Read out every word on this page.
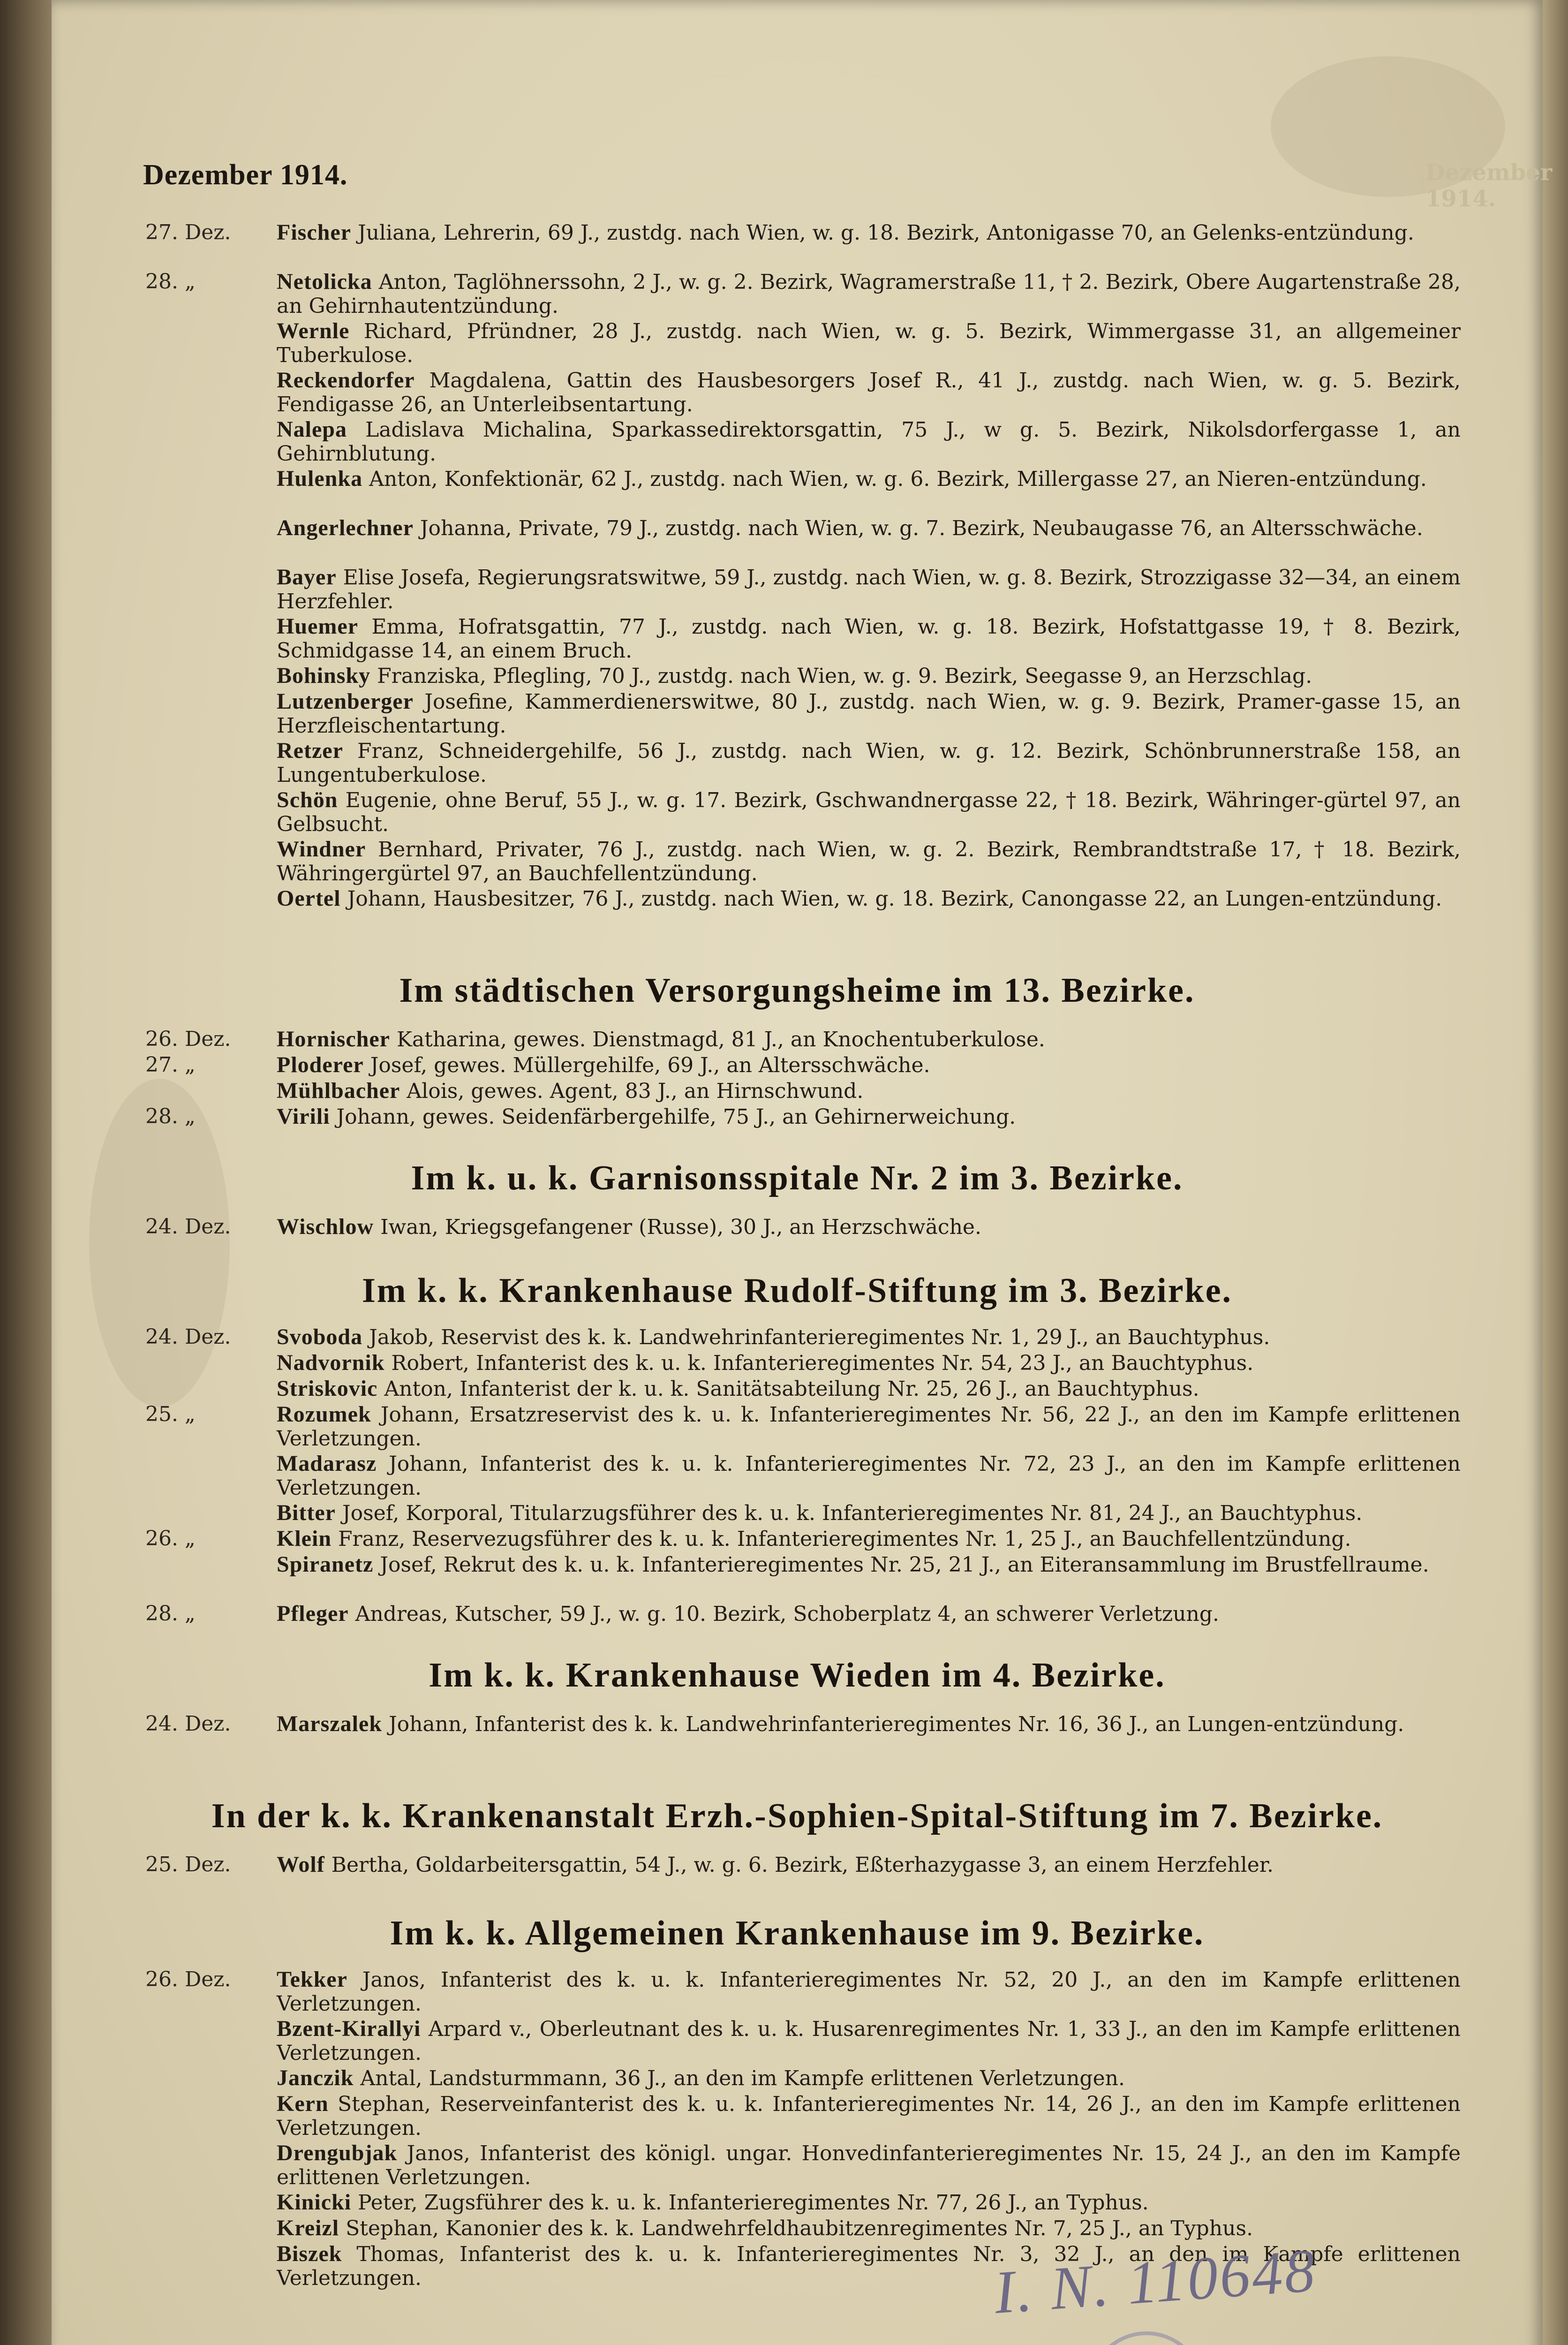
Dezember 1914.
Dezember 1914.
27. Dez.	Fischer Juliana, Lehrerin, 69 J., zustdg. nach Wien, w. g. 18. Bezirk, Antonigasse 70, an Gelenks-entzündung.
28. „	Netolicka Anton, Taglöhnerssohn, 2 J., w. g. 2. Bezirk, Wagramerstraße 11, † 2. Bezirk, Obere Augartenstraße 28, an Gehirnhautentzündung.
Wernle Richard, Pfründner, 28 J., zustdg. nach Wien, w. g. 5. Bezirk, Wimmergasse 31, an allgemeiner Tuberkulose.
Reckendorfer Magdalena, Gattin des Hausbesorgers Josef R., 41 J., zustdg. nach Wien, w. g. 5. Bezirk, Fendigasse 26, an Unterleibsentartung.
Nalepa Ladislava Michalina, Sparkassedirektorsgattin, 75 J., w g. 5. Bezirk, Nikolsdorfergasse 1, an Gehirnblutung.
Hulenka Anton, Konfektionär, 62 J., zustdg. nach Wien, w. g. 6. Bezirk, Millergasse 27, an Nieren-entzündung.
Angerlechner Johanna, Private, 79 J., zustdg. nach Wien, w. g. 7. Bezirk, Neubaugasse 76, an Altersschwäche.
Bayer Elise Josefa, Regierungsratswitwe, 59 J., zustdg. nach Wien, w. g. 8. Bezirk, Strozzigasse 32—34, an einem Herzfehler.
Huemer Emma, Hofratsgattin, 77 J., zustdg. nach Wien, w. g. 18. Bezirk, Hofstattgasse 19, † 8. Bezirk, Schmidgasse 14, an einem Bruch.
Bohinsky Franziska, Pflegling, 70 J., zustdg. nach Wien, w. g. 9. Bezirk, Seegasse 9, an Herzschlag.
Lutzenberger Josefine, Kammerdienerswitwe, 80 J., zustdg. nach Wien, w. g. 9. Bezirk, Pramer-gasse 15, an Herzfleischentartung.
Retzer Franz, Schneidergehilfe, 56 J., zustdg. nach Wien, w. g. 12. Bezirk, Schönbrunnerstraße 158, an Lungentuberkulose.
Schön Eugenie, ohne Beruf, 55 J., w. g. 17. Bezirk, Gschwandnergasse 22, † 18. Bezirk, Währinger-gürtel 97, an Gelbsucht.
Windner Bernhard, Privater, 76 J., zustdg. nach Wien, w. g. 2. Bezirk, Rembrandtstraße 17, † 18. Bezirk, Währingergürtel 97, an Bauchfellentzündung.
Oertel Johann, Hausbesitzer, 76 J., zustdg. nach Wien, w. g. 18. Bezirk, Canongasse 22, an Lungen-entzündung.
Im städtischen Versorgungsheime im 13. Bezirke.
26. Dez.	Hornischer Katharina, gewes. Dienstmagd, 81 J., an Knochentuberkulose.
27. „	Ploderer Josef, gewes. Müllergehilfe, 69 J., an Altersschwäche.
Mühlbacher Alois, gewes. Agent, 83 J., an Hirnschwund.
28. „	Virili Johann, gewes. Seidenfärbergehilfe, 75 J., an Gehirnerweichung.
Im k. u. k. Garnisonsspitale Nr. 2 im 3. Bezirke.
24. Dez.	Wischlow Iwan, Kriegsgefangener (Russe), 30 J., an Herzschwäche.
Im k. k. Krankenhause Rudolf-Stiftung im 3. Bezirke.
24. Dez.	Svoboda Jakob, Reservist des k. k. Landwehrinfanterieregimentes Nr. 1, 29 J., an Bauchtyphus.
Nadvornik Robert, Infanterist des k. u. k. Infanterieregimentes Nr. 54, 23 J., an Bauchtyphus.
Striskovic Anton, Infanterist der k. u. k. Sanitätsabteilung Nr. 25, 26 J., an Bauchtyphus.
25. „	Rozumek Johann, Ersatzreservist des k. u. k. Infanterieregimentes Nr. 56, 22 J., an den im Kampfe erlittenen Verletzungen.
Madarasz Johann, Infanterist des k. u. k. Infanterieregimentes Nr. 72, 23 J., an den im Kampfe erlittenen Verletzungen.
Bitter Josef, Korporal, Titularzugsführer des k. u. k. Infanterieregimentes Nr. 81, 24 J., an Bauchtyphus.
26. „	Klein Franz, Reservezugsführer des k. u. k. Infanterieregimentes Nr. 1, 25 J., an Bauchfellentzündung.
Spiranetz Josef, Rekrut des k. u. k. Infanterieregimentes Nr. 25, 21 J., an Eiteransammlung im Brustfellraume.
28. „	Pfleger Andreas, Kutscher, 59 J., w. g. 10. Bezirk, Schoberplatz 4, an schwerer Verletzung.
Im k. k. Krankenhause Wieden im 4. Bezirke.
24. Dez.	Marszalek Johann, Infanterist des k. k. Landwehrinfanterieregimentes Nr. 16, 36 J., an Lungen-entzündung.
In der k. k. Krankenanstalt Erzh.-Sophien-Spital-Stiftung im 7. Bezirke.
25. Dez.	Wolf Bertha, Goldarbeitersgattin, 54 J., w. g. 6. Bezirk, Eßterhazygasse 3, an einem Herzfehler.
Im k. k. Allgemeinen Krankenhause im 9. Bezirke.
26. Dez.	Tekker Janos, Infanterist des k. u. k. Infanterieregimentes Nr. 52, 20 J., an den im Kampfe erlittenen Verletzungen.
Bzent-Kirallyi Arpard v., Oberleutnant des k. u. k. Husarenregimentes Nr. 1, 33 J., an den im Kampfe erlittenen Verletzungen.
Janczik Antal, Landsturmmann, 36 J., an den im Kampfe erlittenen Verletzungen.
Kern Stephan, Reserveinfanterist des k. u. k. Infanterieregimentes Nr. 14, 26 J., an den im Kampfe erlittenen Verletzungen.
Drengubjak Janos, Infanterist des königl. ungar. Honvedinfanterieregimentes Nr. 15, 24 J., an den im Kampfe erlittenen Verletzungen.
Kinicki Peter, Zugsführer des k. u. k. Infanterieregimentes Nr. 77, 26 J., an Typhus.
Kreizl Stephan, Kanonier des k. k. Landwehrfeldhaubitzenregimentes Nr. 7, 25 J., an Typhus.
Biszek Thomas, Infanterist des k. u. k. Infanterieregimentes Nr. 3, 32 J., an den im Kampfe erlittenen Verletzungen.	I. N. 110648
